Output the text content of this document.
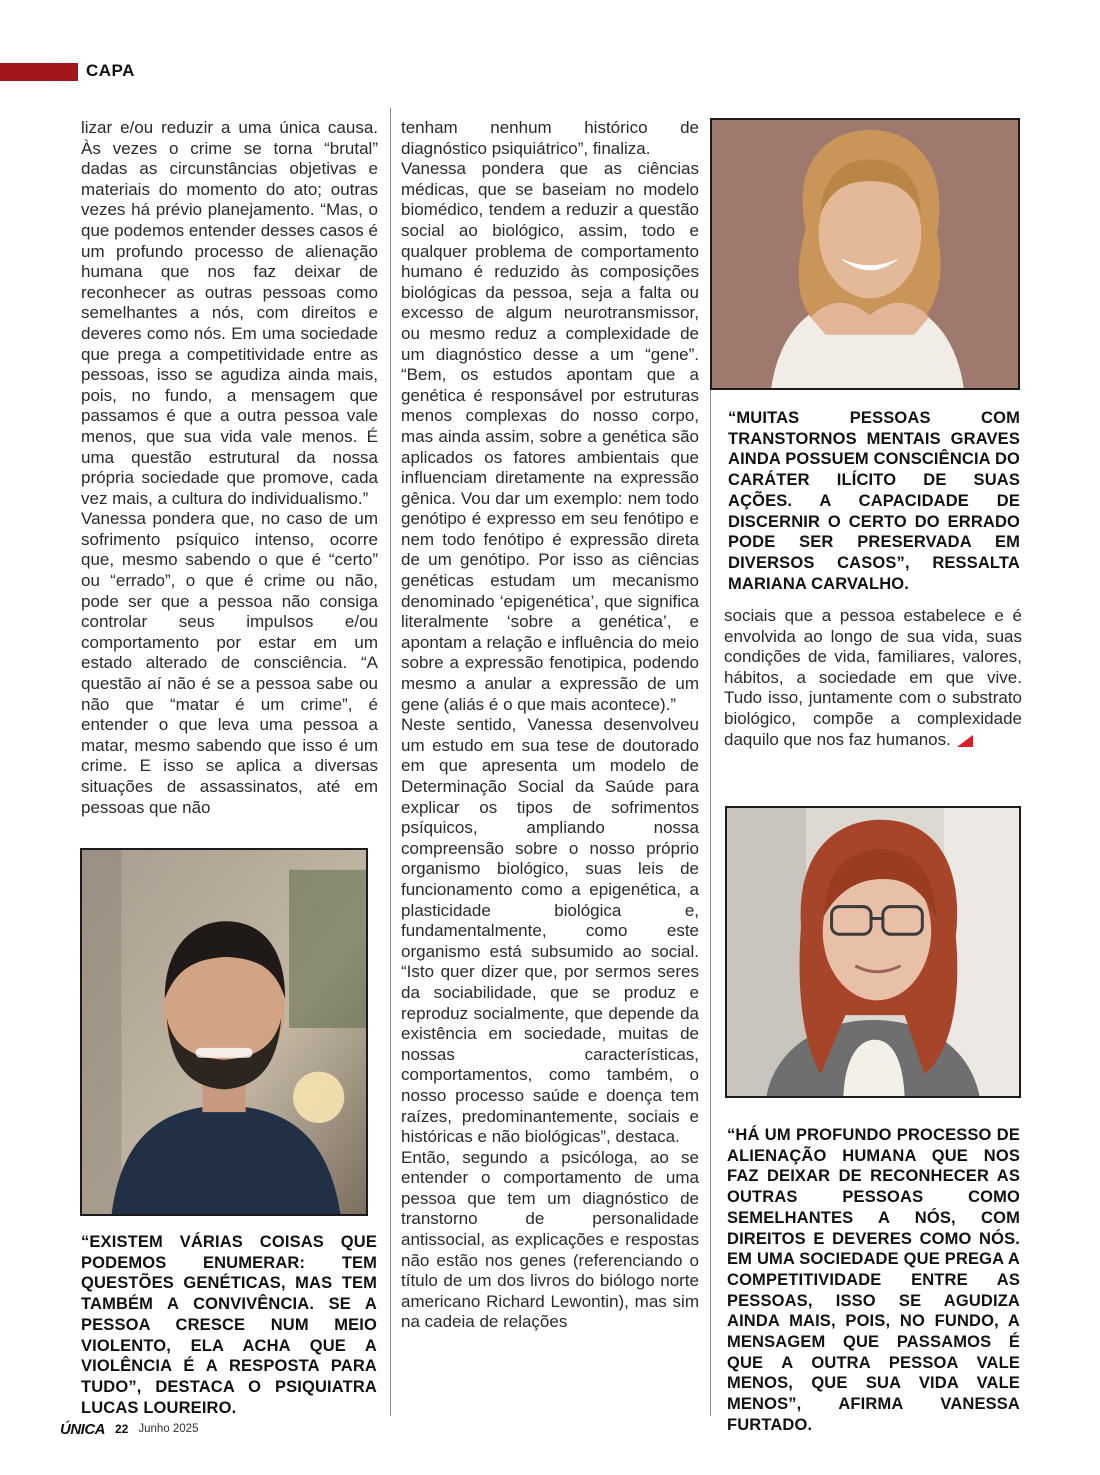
CAPA

lizar e/ou reduzir a uma única causa. Às vezes o crime se torna “brutal” dadas as circunstâncias objetivas e materiais do momento do ato; outras vezes há prévio planejamento. “Mas, o que podemos entender desses casos é um profundo processo de alienação humana que nos faz deixar de reconhecer as outras pessoas como semelhantes a nós, com direitos e deveres como nós. Em uma sociedade que prega a competitividade entre as pessoas, isso se agudiza ainda mais, pois, no fundo, a mensagem que passamos é que a outra pessoa vale menos, que sua vida vale menos. É uma questão estrutural da nossa própria sociedade que promove, cada vez mais, a cultura do individualismo.”

Vanessa pondera que, no caso de um sofrimento psíquico intenso, ocorre que, mesmo sabendo o que é “certo” ou “errado”, o que é crime ou não, pode ser que a pessoa não consiga controlar seus impulsos e/ou comportamento por estar em um estado alterado de consciência. “A questão aí não é se a pessoa sabe ou não que “matar é um crime”, é entender o que leva uma pessoa a matar, mesmo sabendo que isso é um crime. E isso se aplica a diversas situações de assassinatos, até em pessoas que não

tenham nenhum histórico de diagnóstico psiquiátrico”, finaliza.

Vanessa pondera que as ciências médicas, que se baseiam no modelo biomédico, tendem a reduzir a questão social ao biológico, assim, todo e qualquer problema de comportamento humano é reduzido às composições biológicas da pessoa, seja a falta ou excesso de algum neurotransmissor, ou mesmo reduz a complexidade de um diagnóstico desse a um “gene”. “Bem, os estudos apontam que a genética é responsável por estruturas menos complexas do nosso corpo, mas ainda assim, sobre a genética são aplicados os fatores ambientais que influenciam diretamente na expressão gênica. Vou dar um exemplo: nem todo genótipo é expresso em seu fenótipo e nem todo fenótipo é expressão direta de um genótipo. Por isso as ciências genéticas estudam um mecanismo denominado ‘epigenética’, que significa literalmente ‘sobre a genética’, e apontam a relação e influência do meio sobre a expressão fenotipica, podendo mesmo a anular a expressão de um gene (aliás é o que mais acontece).”

Neste sentido, Vanessa desenvolveu um estudo em sua tese de doutorado em que apresenta um modelo de Determinação Social da Saúde para explicar os tipos de sofrimentos psíquicos, ampliando nossa compreensão sobre o nosso próprio organismo biológico, suas leis de funcionamento como a epigenética, a plasticidade biológica e, fundamentalmente, como este organismo está subsumido ao social. “Isto quer dizer que, por sermos seres da sociabilidade, que se produz e reproduz socialmente, que depende da existência em sociedade, muitas de nossas características, comportamentos, como também, o nosso processo saúde e doença tem raízes, predominantemente, sociais e históricas e não biológicas”, destaca.

Então, segundo a psicóloga, ao se entender o comportamento de uma pessoa que tem um diagnóstico de transtorno de personalidade antissocial, as explicações e respostas não estão nos genes (referenciando o título de um dos livros do biólogo norte americano Richard Lewontin), mas sim na cadeia de relações

“MUITAS PESSOAS COM TRANSTORNOS MENTAIS GRAVES AINDA POSSUEM CONSCIÊNCIA DO CARÁTER ILÍCITO DE SUAS AÇÕES. A CAPACIDADE DE DISCERNIR O CERTO DO ERRADO PODE SER PRESERVADA EM DIVERSOS CASOS”, RESSALTA MARIANA CARVALHO.

sociais que a pessoa estabelece e é envolvida ao longo de sua vida, suas condições de vida, familiares, valores, hábitos, a sociedade em que vive. Tudo isso, juntamente com o substrato biológico, compõe a complexidade daquilo que nos faz humanos.

“HÁ UM PROFUNDO PROCESSO DE ALIENAÇÃO HUMANA QUE NOS FAZ DEIXAR DE RECONHECER AS OUTRAS PESSOAS COMO SEMELHANTES A NÓS, COM DIREITOS E DEVERES COMO NÓS. EM UMA SOCIEDADE QUE PREGA A COMPETITIVIDADE ENTRE AS PESSOAS, ISSO SE AGUDIZA AINDA MAIS, POIS, NO FUNDO, A MENSAGEM QUE PASSAMOS É QUE A OUTRA PESSOA VALE MENOS, QUE SUA VIDA VALE MENOS”, AFIRMA VANESSA FURTADO.
“EXISTEM VÁRIAS COISAS QUE PODEMOS ENUMERAR: TEM QUESTÕES GENÉTICAS, MAS TEM TAMBÉM A CONVIVÊNCIA. SE A PESSOA CRESCE NUM MEIO VIOLENTO, ELA ACHA QUE A VIOLÊNCIA É A RESPOSTA PARA TUDO”, DESTACA O PSIQUIATRA LUCAS LOUREIRO.
ÚNICA 22 Junho 2025
